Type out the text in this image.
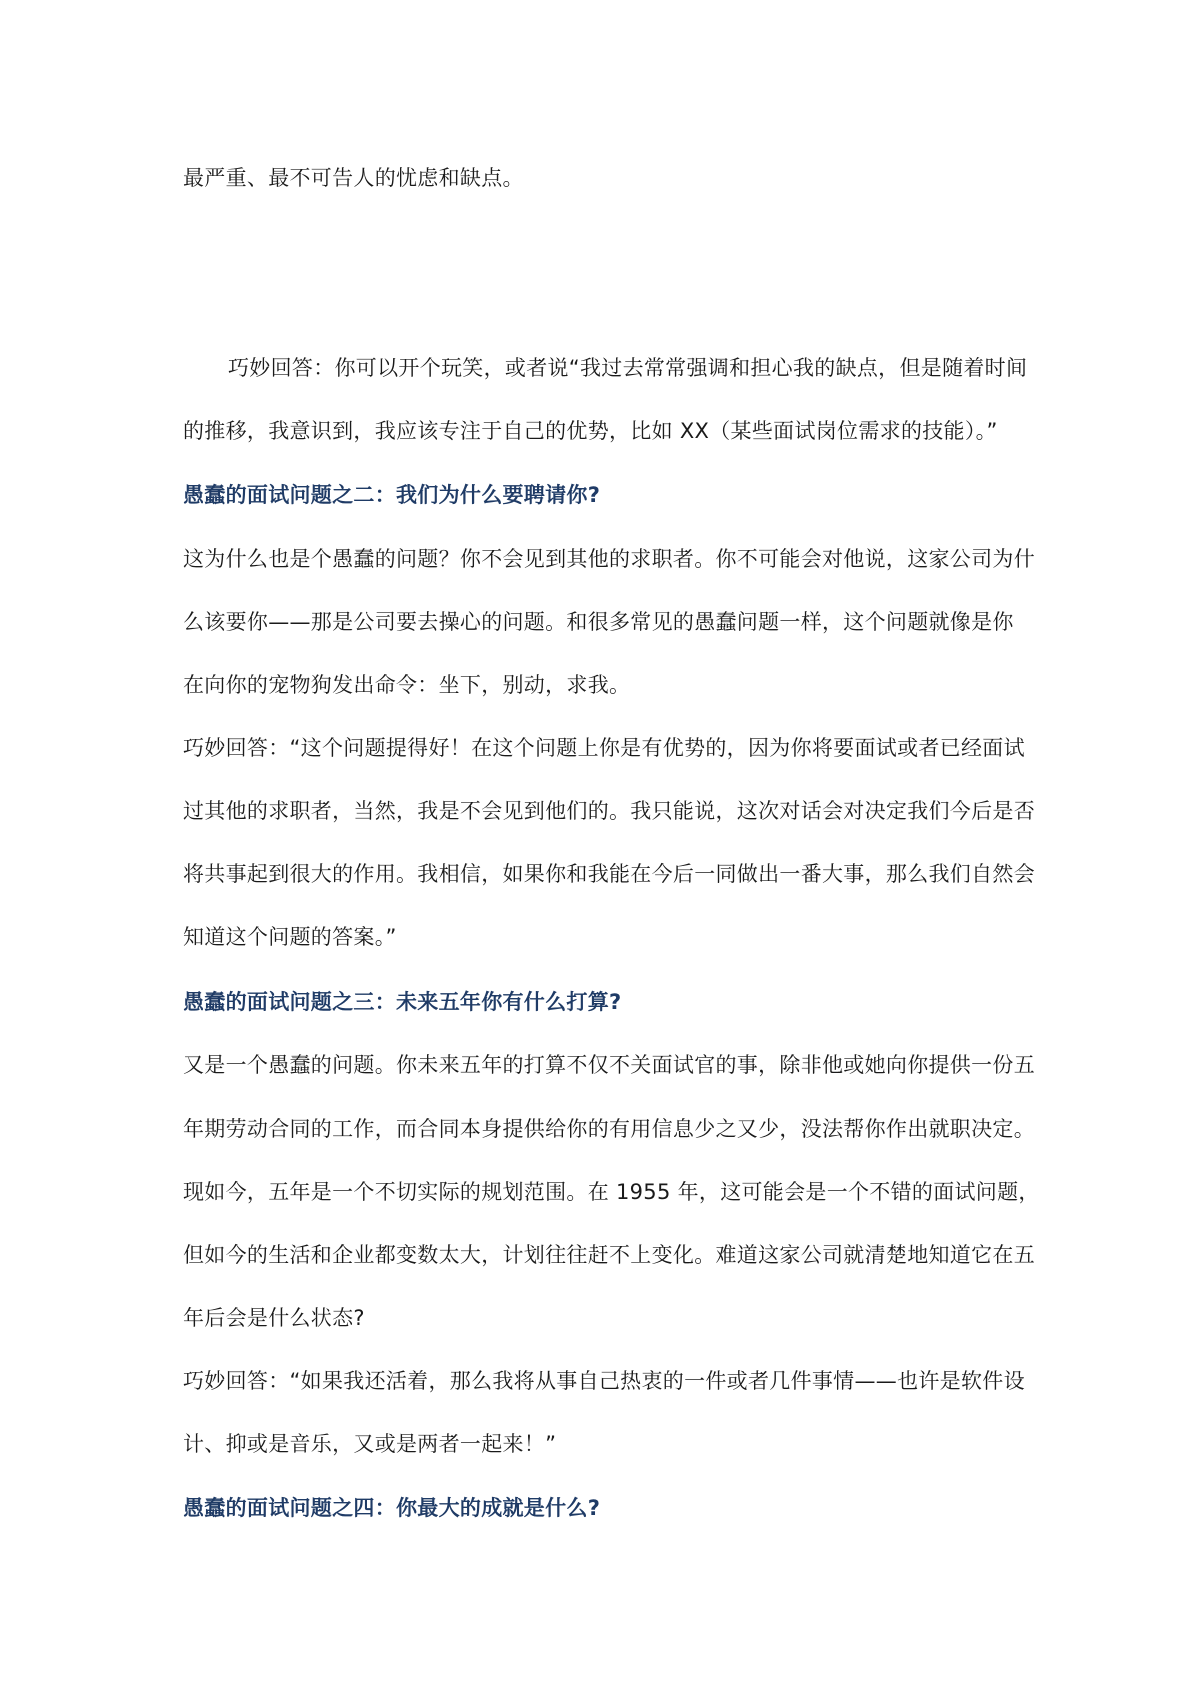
最严重、最不可告人的忧虑和缺点。
巧妙回答：你可以开个玩笑，或者说“我过去常常强调和担心我的缺点，但是随着时间
的推移，我意识到，我应该专注于自己的优势，比如 XX（某些面试岗位需求的技能）。”
愚蠢的面试问题之二：我们为什么要聘请你?
这为什么也是个愚蠢的问题？你不会见到其他的求职者。你不可能会对他说，这家公司为什
么该要你——那是公司要去操心的问题。和很多常见的愚蠢问题一样，这个问题就像是你
在向你的宠物狗发出命令：坐下，别动，求我。
巧妙回答：“这个问题提得好！在这个问题上你是有优势的，因为你将要面试或者已经面试
过其他的求职者，当然，我是不会见到他们的。我只能说，这次对话会对决定我们今后是否
将共事起到很大的作用。我相信，如果你和我能在今后一同做出一番大事，那么我们自然会
知道这个问题的答案。”
愚蠢的面试问题之三：未来五年你有什么打算?
又是一个愚蠢的问题。你未来五年的打算不仅不关面试官的事，除非他或她向你提供一份五
年期劳动合同的工作，而合同本身提供给你的有用信息少之又少，没法帮你作出就职决定。
现如今，五年是一个不切实际的规划范围。在 1955 年，这可能会是一个不错的面试问题，
但如今的生活和企业都变数太大，计划往往赶不上变化。难道这家公司就清楚地知道它在五
年后会是什么状态?
巧妙回答：“如果我还活着，那么我将从事自己热衷的一件或者几件事情——也许是软件设
计、抑或是音乐，又或是两者一起来！”
愚蠢的面试问题之四：你最大的成就是什么?
